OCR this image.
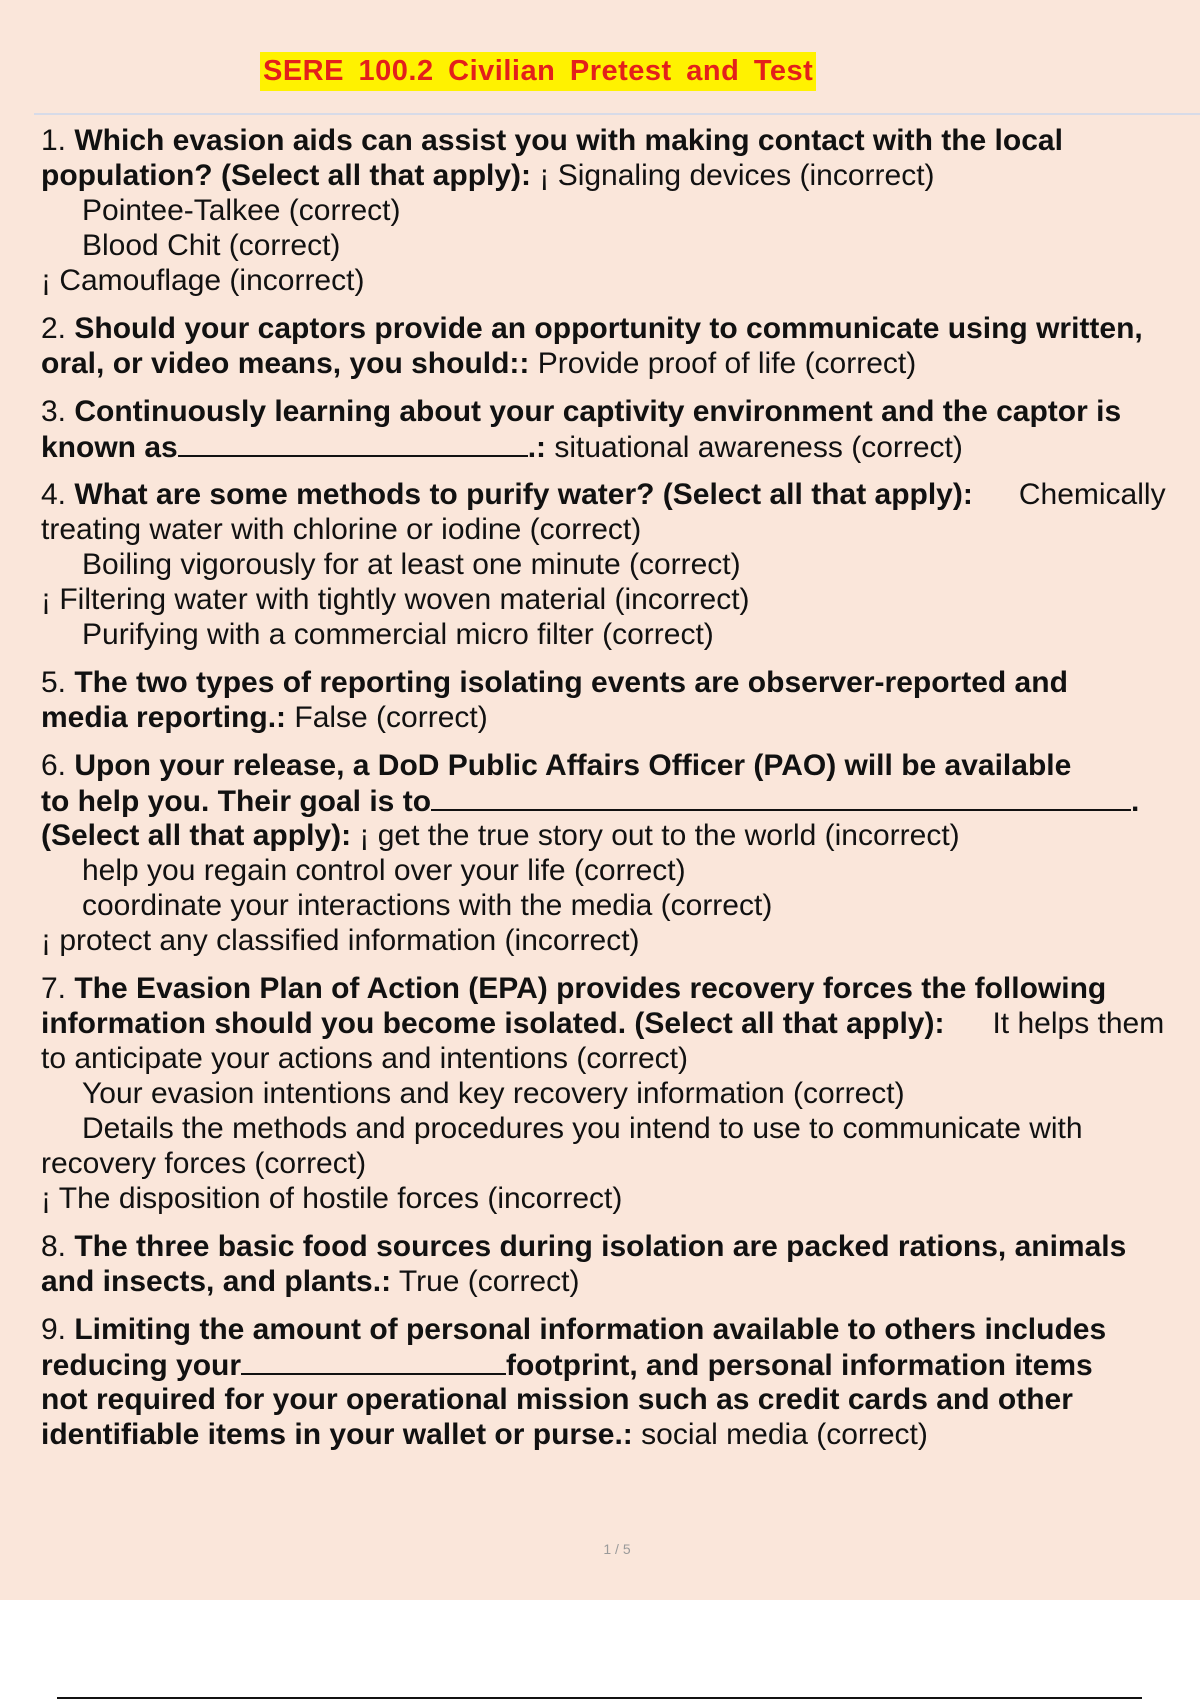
SERE 100.2 Civilian Pretest and Test
1. Which evasion aids can assist you with making contact with the local
population? (Select all that apply): ¡ Signaling devices (incorrect)
Pointee-Talkee (correct)
Blood Chit (correct)
¡ Camouflage (incorrect)
2. Should your captors provide an opportunity to communicate using written,
oral, or video means, you should:: Provide proof of life (correct)
3. Continuously learning about your captivity environment and the captor is
known as	.: situational awareness (correct)
4. What are some methods to purify water? (Select all that apply): Chemically
treating water with chlorine or iodine (correct)
Boiling vigorously for at least one minute (correct)
¡ Filtering water with tightly woven material (incorrect)
Purifying with a commercial micro filter (correct)
5. The two types of reporting isolating events are observer-reported and
media reporting.: False (correct)
6. Upon your release, a DoD Public Affairs Officer (PAO) will be available
to help you. Their goal is to	.
(Select all that apply): ¡ get the true story out to the world (incorrect)
help you regain control over your life (correct)
coordinate your interactions with the media (correct)
¡ protect any classified information (incorrect)
7. The Evasion Plan of Action (EPA) provides recovery forces the following
information should you become isolated. (Select all that apply): It helps them
to anticipate your actions and intentions (correct)
Your evasion intentions and key recovery information (correct)
Details the methods and procedures you intend to use to communicate with
recovery forces (correct)
¡ The disposition of hostile forces (incorrect)
8. The three basic food sources during isolation are packed rations, animals
and insects, and plants.: True (correct)
9. Limiting the amount of personal information available to others includes
reducing your	footprint, and personal information items
not required for your operational mission such as credit cards and other
identifiable items in your wallet or purse.: social media (correct)
1 / 5
